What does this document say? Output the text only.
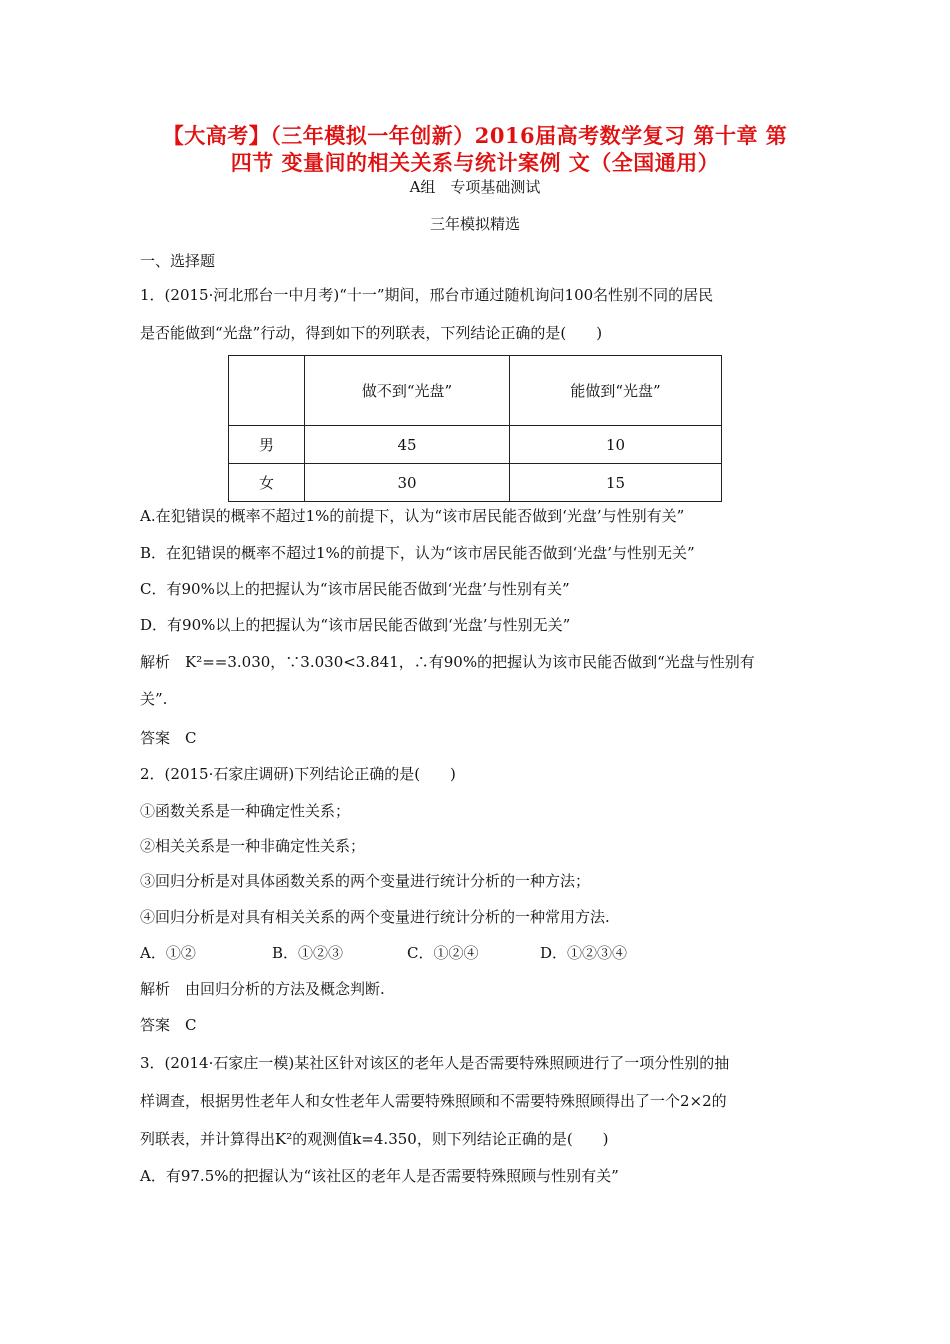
【大高考】（三年模拟一年创新）2016届高考数学复习 第十章 第
四节 变量间的相关关系与统计案例 文（全国通用）
A组　专项基础测试
三年模拟精选
一、选择题
1．(2015·河北邢台一中月考)“十一”期间，邢台市通过随机询问100名性别不同的居民
是否能做到“光盘”行动，得到如下的列联表，下列结论正确的是(　　)
	做不到“光盘”	能做到“光盘”
男	45	10
女	30	15
A.在犯错误的概率不超过1%的前提下，认为“该市居民能否做到‘光盘’与性别有关”
B．在犯错误的概率不超过1%的前提下，认为“该市居民能否做到‘光盘’与性别无关”
C．有90%以上的把握认为“该市居民能否做到‘光盘’与性别有关”
D．有90%以上的把握认为“该市居民能否做到‘光盘’与性别无关”
解析　K²==3.030，∵3.030<3.841，∴有90%的把握认为该市民能否做到“光盘与性别有
关”.
答案　C
2．(2015·石家庄调研)下列结论正确的是(　　)
①函数关系是一种确定性关系；
②相关关系是一种非确定性关系；
③回归分析是对具体函数关系的两个变量进行统计分析的一种方法；
④回归分析是对具有相关关系的两个变量进行统计分析的一种常用方法.
A．①②	B．①②③	C．①②④	D．①②③④
解析　由回归分析的方法及概念判断.
答案　C
3．(2014·石家庄一模)某社区针对该区的老年人是否需要特殊照顾进行了一项分性别的抽
样调查，根据男性老年人和女性老年人需要特殊照顾和不需要特殊照顾得出了一个2×2的
列联表，并计算得出K²的观测值k=4.350，则下列结论正确的是(　　)
A．有97.5%的把握认为“该社区的老年人是否需要特殊照顾与性别有关”
